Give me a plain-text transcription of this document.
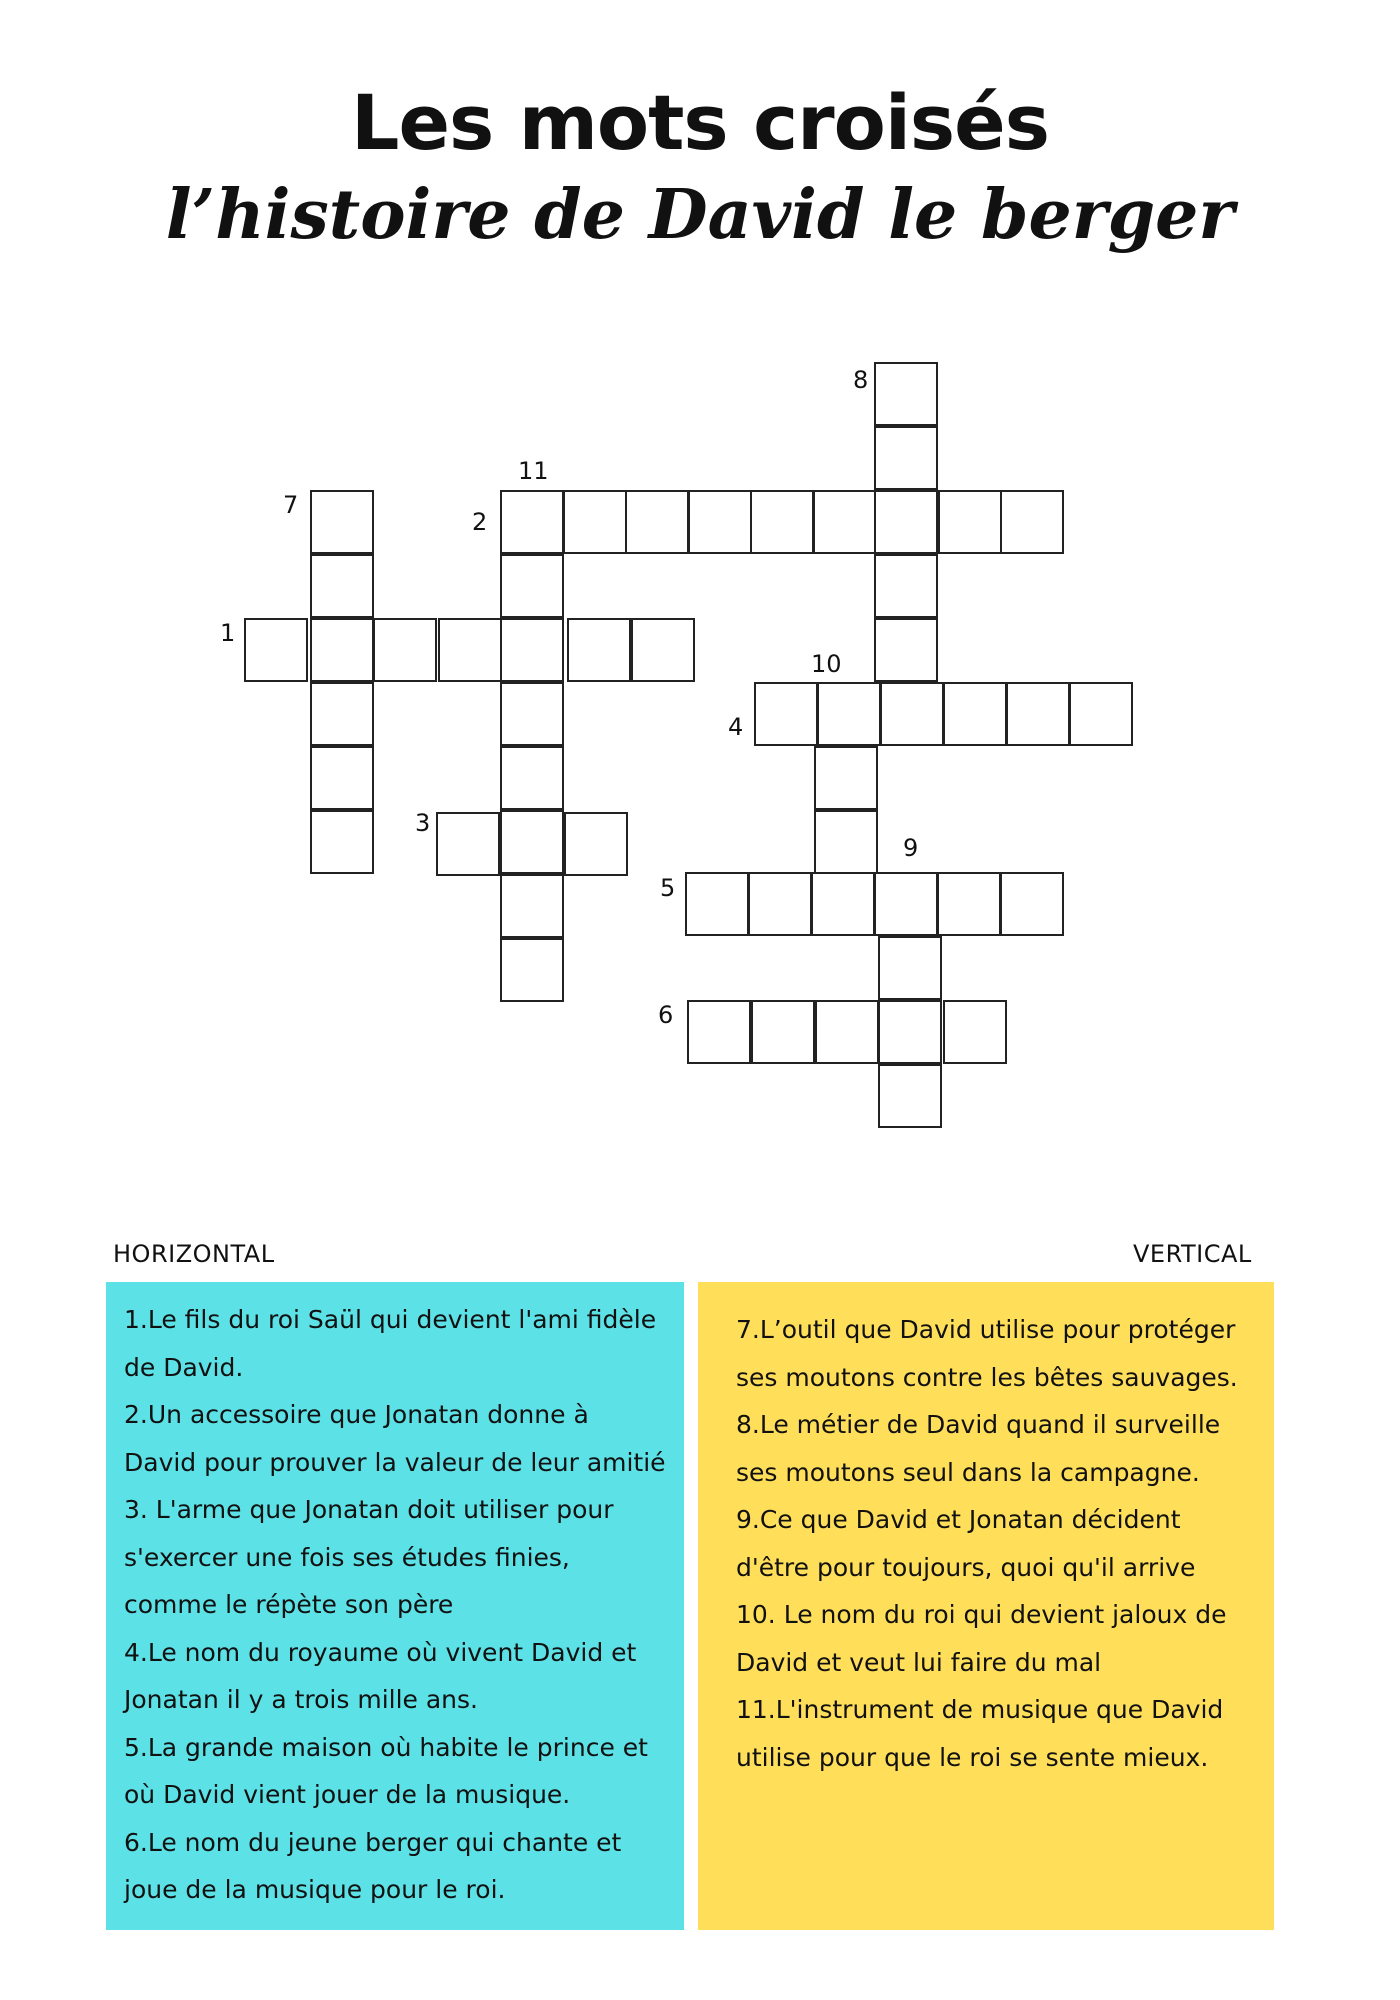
Les mots croisés
l’histoire de David le berger
8
11
7
2
1
10
4
3
9
5
6
HORIZONTAL	VERTICAL

1.Le fils du roi Saül qui devient l'ami fidèle de David.

2.Un accessoire que Jonatan donne à David pour prouver la valeur de leur amitié

3. L'arme que Jonatan doit utiliser pour s'exercer une fois ses études finies, comme le répète son père

4.Le nom du royaume où vivent David et Jonatan il y a trois mille ans.

5.La grande maison où habite le prince et où David vient jouer de la musique.

6.Le nom du jeune berger qui chante et joue de la musique pour le roi.

7.L’outil que David utilise pour protéger ses moutons contre les bêtes sauvages.

8.Le métier de David quand il surveille ses moutons seul dans la campagne.

9.Ce que David et Jonatan décident d'être pour toujours, quoi qu'il arrive

10. Le nom du roi qui devient jaloux de David et veut lui faire du mal

11.L'instrument de musique que David utilise pour que le roi se sente mieux.
